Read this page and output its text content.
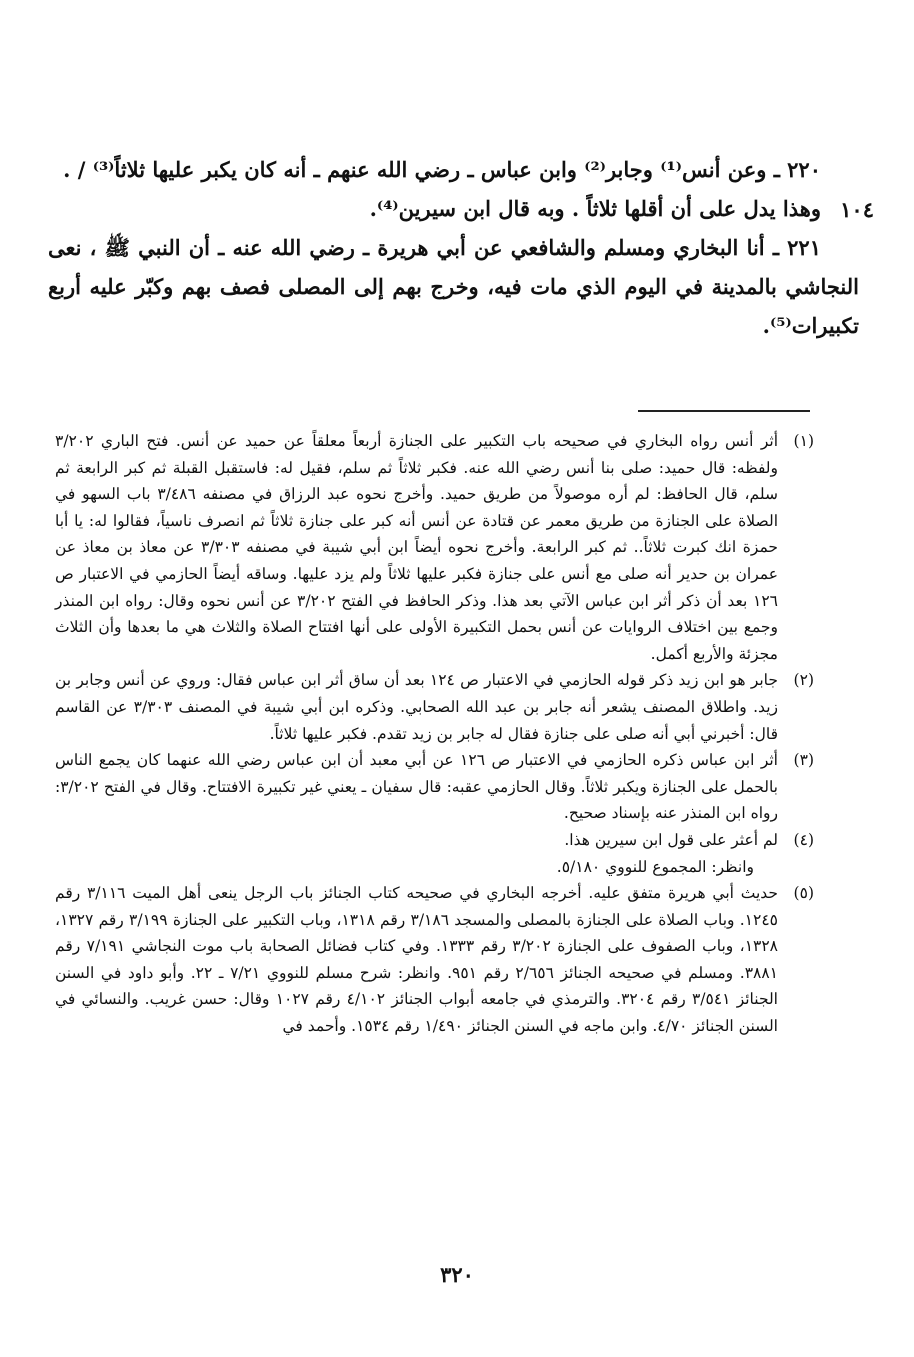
٢٢٠ ـ وعن أنس⁽¹⁾ وجابر⁽²⁾ وابن عباس ـ رضي الله عنهم ـ أنه كان يكبر عليها ثلاثاً⁽³⁾ / .

وهذا يدل على أن أقلها ثلاثاً . وبه قال ابن سيرين⁽⁴⁾.

٢٢١ ـ أنا البخاري ومسلم والشافعي عن أبي هريرة ـ رضي الله عنه ـ أن النبي ﷺ ، نعى النجاشي بالمدينة في اليوم الذي مات فيه، وخرج بهم إلى المصلى فصف بهم وكبّر عليه أربع تكبيرات⁽⁵⁾.

١٠٤

(١)
أثر أنس رواه البخاري في صحيحه باب التكبير على الجنازة أربعاً معلقاً عن حميد عن أنس. فتح الباري ٣/٢٠٢ ولفظه: قال حميد: صلى بنا أنس رضي الله عنه. فكبر ثلاثاً ثم سلم، فقيل له: فاستقبل القبلة ثم كبر الرابعة ثم سلم، قال الحافظ: لم أره موصولاً من طريق حميد. وأخرج نحوه عبد الرزاق في مصنفه ٣/٤٨٦ باب السهو في الصلاة على الجنازة من طريق معمر عن قتادة عن أنس أنه كبر على جنازة ثلاثاً ثم انصرف ناسياً، فقالوا له: يا أبا حمزة انك كبرت ثلاثاً.. ثم كبر الرابعة. وأخرج نحوه أيضاً ابن أبي شيبة في مصنفه ٣/٣٠٣ عن معاذ بن معاذ عن عمران بن حدير أنه صلى مع أنس على جنازة فكبر عليها ثلاثاً ولم يزد عليها. وساقه أيضاً الحازمي في الاعتبار ص ١٢٦ بعد أن ذكر أثر ابن عباس الآتي بعد هذا. وذكر الحافظ في الفتح ٣/٢٠٢ عن أنس نحوه وقال: رواه ابن المنذر وجمع بين اختلاف الروايات عن أنس بحمل التكبيرة الأولى على أنها افتتاح الصلاة والثلاث هي ما بعدها وأن الثلاث مجزئة والأربع أكمل.

(٢)
جابر هو ابن زيد ذكر قوله الحازمي في الاعتبار ص ١٢٤ بعد أن ساق أثر ابن عباس فقال: وروي عن أنس وجابر بن زيد. واطلاق المصنف يشعر أنه جابر بن عبد الله الصحابي. وذكره ابن أبي شيبة في المصنف ٣/٣٠٣ عن القاسم قال: أخبرني أبي أنه صلى على جنازة فقال له جابر بن زيد تقدم. فكبر عليها ثلاثاً.

(٣)
أثر ابن عباس ذكره الحازمي في الاعتبار ص ١٢٦ عن أبي معبد أن ابن عباس رضي الله عنهما كان يجمع الناس بالحمل على الجنازة ويكبر ثلاثاً. وقال الحازمي عقبه: قال سفيان ـ يعني غير تكبيرة الافتتاح. وقال في الفتح ٣/٢٠٢: رواه ابن المنذر عنه بإسناد صحيح.

(٤)
لم أعثر على قول ابن سيرين هذا.
وانظر: المجموع للنووي ٥/١٨٠.

(٥)
حديث أبي هريرة متفق عليه. أخرجه البخاري في صحيحه كتاب الجنائز باب الرجل ينعى أهل الميت ٣/١١٦ رقم ١٢٤٥. وباب الصلاة على الجنازة بالمصلى والمسجد ٣/١٨٦ رقم ١٣١٨، وباب التكبير على الجنازة ٣/١٩٩ رقم ١٣٢٧، ١٣٢٨، وباب الصفوف على الجنازة ٣/٢٠٢ رقم ١٣٣٣. وفي كتاب فضائل الصحابة باب موت النجاشي ٧/١٩١ رقم ٣٨٨١. ومسلم في صحيحه الجنائز ٢/٦٥٦ رقم ٩٥١. وانظر: شرح مسلم للنووي ٧/٢١ ـ ٢٢. وأبو داود في السنن الجنائز ٣/٥٤١ رقم ٣٢٠٤. والترمذي في جامعه أبواب الجنائز ٤/١٠٢ رقم ١٠٢٧ وقال: حسن غريب. والنسائي في السنن الجنائز ٤/٧٠. وابن ماجه في السنن الجنائز ١/٤٩٠ رقم ١٥٣٤. وأحمد في

٣٢٠
